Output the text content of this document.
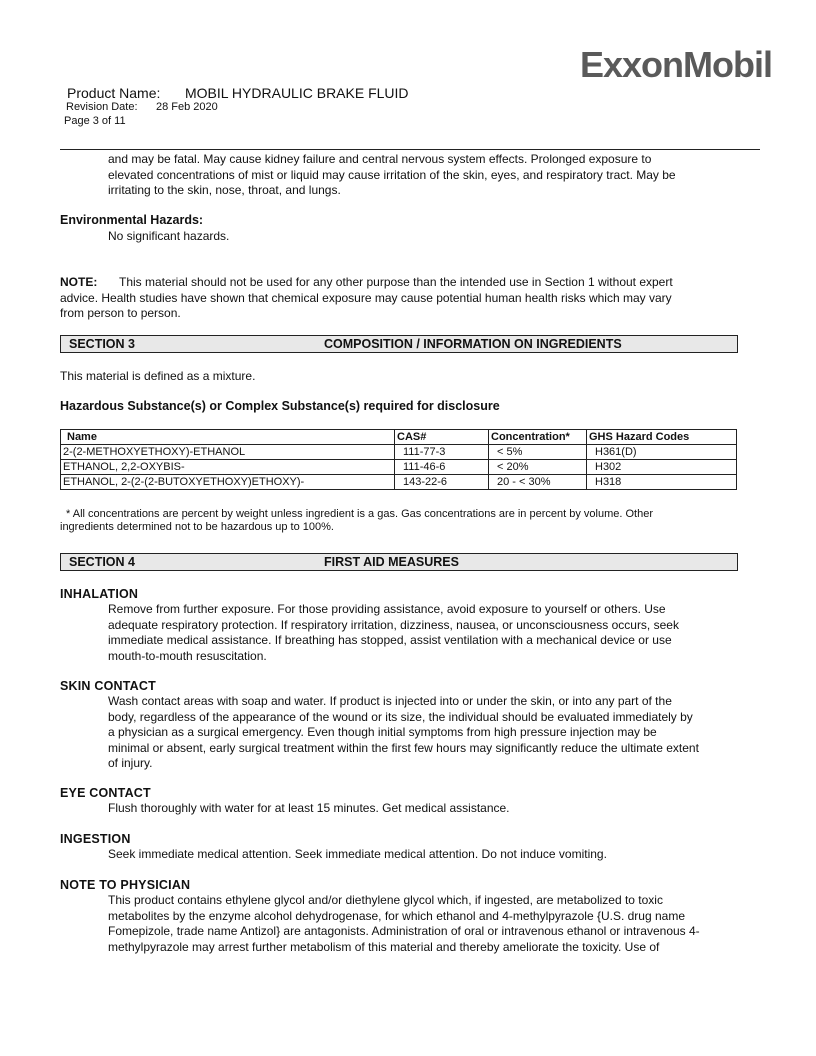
ExxonMobil
Product Name: MOBIL HYDRAULIC BRAKE FLUID
Revision Date: 28 Feb 2020
Page 3 of 11
and may be fatal. May cause kidney failure and central nervous system effects. Prolonged exposure to
elevated concentrations of mist or liquid may cause irritation of the skin, eyes, and respiratory tract. May be
irritating to the skin, nose, throat, and lungs.
Environmental Hazards:
No significant hazards.
NOTE: This material should not be used for any other purpose than the intended use in Section 1 without expert
advice. Health studies have shown that chemical exposure may cause potential human health risks which may vary
from person to person.
SECTION 3	COMPOSITION / INFORMATION ON INGREDIENTS
This material is defined as a mixture.
Hazardous Substance(s) or Complex Substance(s) required for disclosure
Name	CAS#	Concentration*	GHS Hazard Codes
2-(2-METHOXYETHOXY)-ETHANOL	111-77-3	< 5%	H361(D)
ETHANOL, 2,2-OXYBIS-	111-46-6	< 20%	H302
ETHANOL, 2-(2-(2-BUTOXYETHOXY)ETHOXY)-	143-22-6	20 - < 30%	H318
* All concentrations are percent by weight unless ingredient is a gas. Gas concentrations are in percent by volume. Other
ingredients determined not to be hazardous up to 100%.
SECTION 4	FIRST AID MEASURES
INHALATION
Remove from further exposure. For those providing assistance, avoid exposure to yourself or others. Use
adequate respiratory protection. If respiratory irritation, dizziness, nausea, or unconsciousness occurs, seek
immediate medical assistance. If breathing has stopped, assist ventilation with a mechanical device or use
mouth-to-mouth resuscitation.
SKIN CONTACT
Wash contact areas with soap and water. If product is injected into or under the skin, or into any part of the
body, regardless of the appearance of the wound or its size, the individual should be evaluated immediately by
a physician as a surgical emergency. Even though initial symptoms from high pressure injection may be
minimal or absent, early surgical treatment within the first few hours may significantly reduce the ultimate extent
of injury.
EYE CONTACT
Flush thoroughly with water for at least 15 minutes. Get medical assistance.
INGESTION
Seek immediate medical attention. Seek immediate medical attention. Do not induce vomiting.
NOTE TO PHYSICIAN
This product contains ethylene glycol and/or diethylene glycol which, if ingested, are metabolized to toxic
metabolites by the enzyme alcohol dehydrogenase, for which ethanol and 4-methylpyrazole {U.S. drug name
Fomepizole, trade name Antizol} are antagonists. Administration of oral or intravenous ethanol or intravenous 4-
methylpyrazole may arrest further metabolism of this material and thereby ameliorate the toxicity. Use of
